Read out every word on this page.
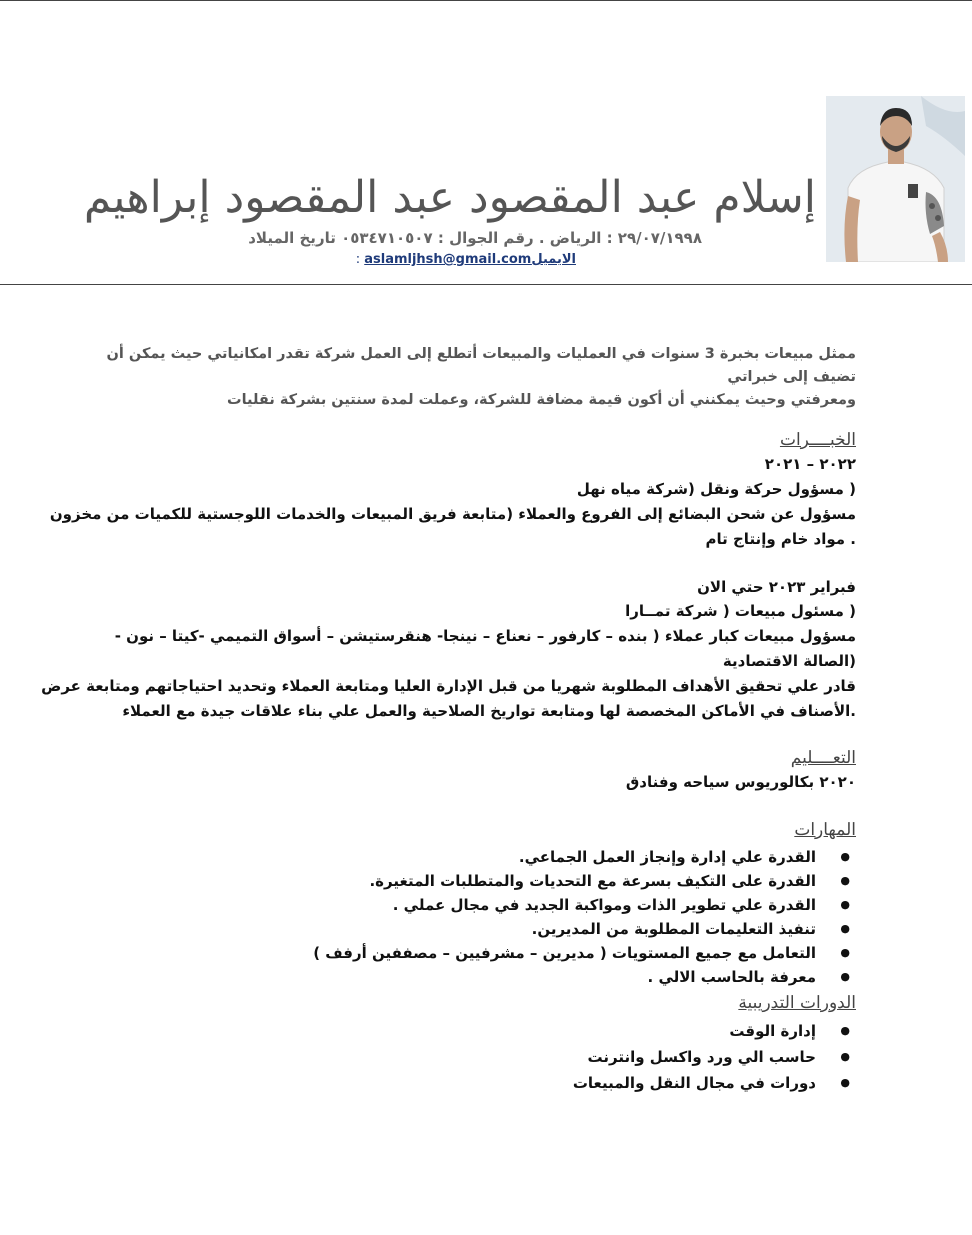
إسلام عبد المقصود عبد المقصود إبراهيم
٢٩/٠٧/١٩٩٨ : الرياض . رقم الجوال : ٠٥٣٤٧١٠٥٠٧ تاريخ الميلاد
الايميلaslamljhsh@gmail.com :
ممثل مبيعات بخبرة 3 سنوات في العمليات والمبيعات أتطلع إلى العمل شركة تقدر امكانياتي حيث يمكن أن تضيف إلى خبراتي
ومعرفتي وحيث يمكنني أن أكون قيمة مضافة للشركة، وعملت لمدة سنتين بشركة نقليات
الخبــــرات
٢٠٢٢ – ٢٠٢١
( مسؤول حركة ونقل (شركة مياه نهل
مسؤول عن شحن البضائع إلى الفروع والعملاء (متابعة فريق المبيعات والخدمات اللوجستية للكميات من مخزون
. مواد خام وإنتاج تام
فبراير ٢٠٢٣ حتي الان
( مسئول مبيعات ( شركة تمــارا
مسؤول مبيعات كبار عملاء ( بنده – كارفور – نعناع – نينجا- هنقرستيشن – أسواق التميمي -كيتا – نون -
(الصالة الاقتصادية
قادر علي تحقيق الأهداف المطلوبة شهريا من قبل الإدارة العليا ومتابعة العملاء وتحديد احتياجاتهم ومتابعة عرض
.الأصناف في الأماكن المخصصة لها ومتابعة تواريخ الصلاحية والعمل علي بناء علاقات جيدة مع العملاء
التعــــليم
٢٠٢٠ بكالوريوس سياحه وفنادق
المهارات
● القدرة علي إدارة وإنجاز العمل الجماعي.
● القدرة على التكيف بسرعة مع التحديات والمتطلبات المتغيرة.
● القدرة علي تطوير الذات ومواكبة الجديد في مجال عملي .
● تنفيذ التعليمات المطلوبة من المديرين.
● التعامل مع جميع المستويات ( مديرين – مشرفيين – مصففين أرفف )
● معرفة بالحاسب الالي .
الدورات التدريبية
● إدارة الوقت
● حاسب الي ورد واكسل وانترنت
● دورات في مجال النقل والمبيعات
